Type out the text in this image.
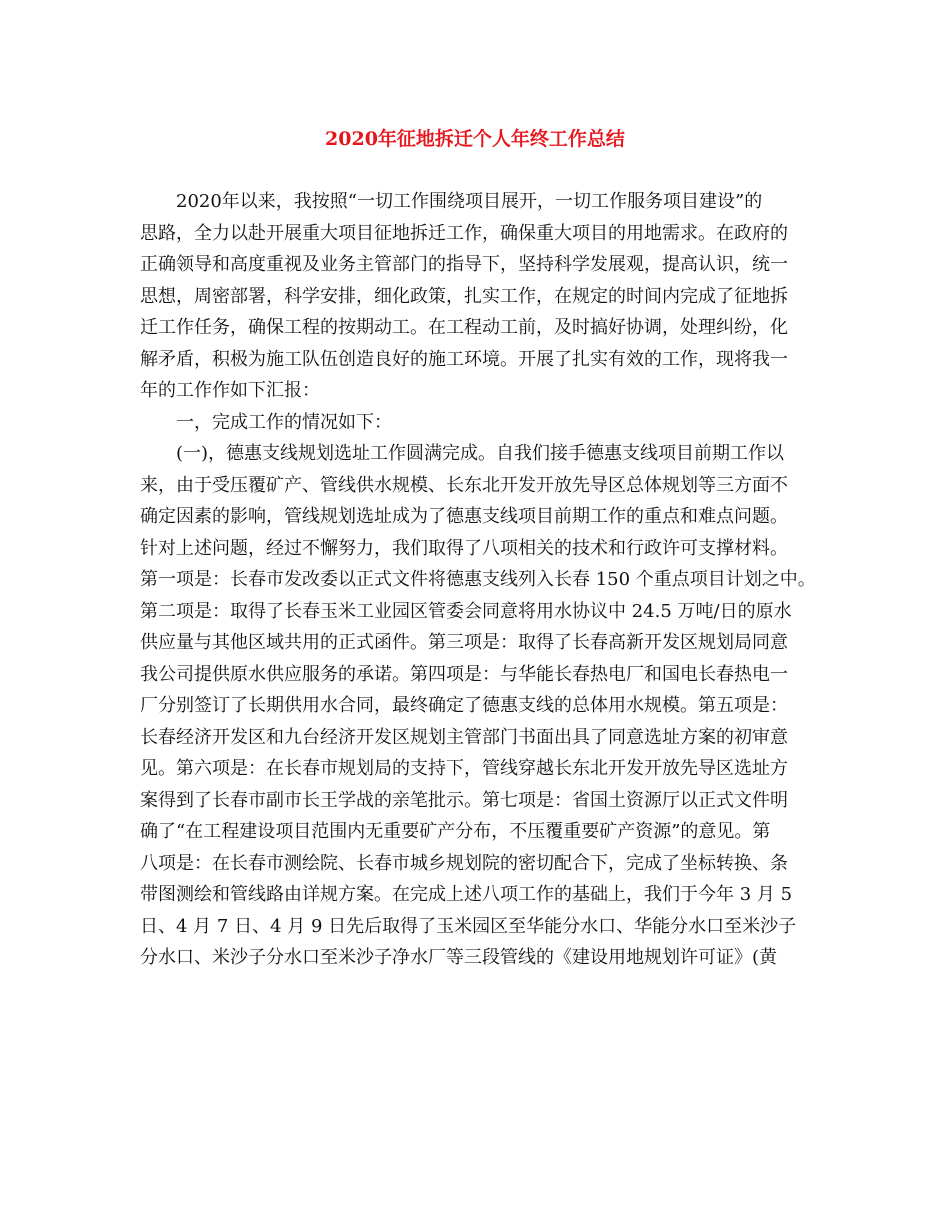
2020年征地拆迁个人年终工作总结
　　2020年以来，我按照“一切工作围绕项目展开，一切工作服务项目建设”的
思路，全力以赴开展重大项目征地拆迁工作，确保重大项目的用地需求。在政府的
正确领导和高度重视及业务主管部门的指导下，坚持科学发展观，提高认识，统一
思想，周密部署，科学安排，细化政策，扎实工作，在规定的时间内完成了征地拆
迁工作任务，确保工程的按期动工。在工程动工前，及时搞好协调，处理纠纷，化
解矛盾，积极为施工队伍创造良好的施工环境。开展了扎实有效的工作，现将我一
年的工作作如下汇报：
　　一，完成工作的情况如下：
　　(一)，德惠支线规划选址工作圆满完成。自我们接手德惠支线项目前期工作以
来，由于受压覆矿产、管线供水规模、长东北开发开放先导区总体规划等三方面不
确定因素的影响，管线规划选址成为了德惠支线项目前期工作的重点和难点问题。
针对上述问题，经过不懈努力，我们取得了八项相关的技术和行政许可支撑材料。
第一项是：长春市发改委以正式文件将德惠支线列入长春 150 个重点项目计划之中。
第二项是：取得了长春玉米工业园区管委会同意将用水协议中 24.5 万吨/日的原水
供应量与其他区域共用的正式函件。第三项是：取得了长春高新开发区规划局同意
我公司提供原水供应服务的承诺。第四项是：与华能长春热电厂和国电长春热电一
厂分别签订了长期供用水合同，最终确定了德惠支线的总体用水规模。第五项是：
长春经济开发区和九台经济开发区规划主管部门书面出具了同意选址方案的初审意
见。第六项是：在长春市规划局的支持下，管线穿越长东北开发开放先导区选址方
案得到了长春市副市长王学战的亲笔批示。第七项是：省国土资源厅以正式文件明
确了“在工程建设项目范围内无重要矿产分布，不压覆重要矿产资源”的意见。第
八项是：在长春市测绘院、长春市城乡规划院的密切配合下，完成了坐标转换、条
带图测绘和管线路由详规方案。在完成上述八项工作的基础上，我们于今年 3 月 5
日、4 月 7 日、4 月 9 日先后取得了玉米园区至华能分水口、华能分水口至米沙子
分水口、米沙子分水口至米沙子净水厂等三段管线的《建设用地规划许可证》(黄
